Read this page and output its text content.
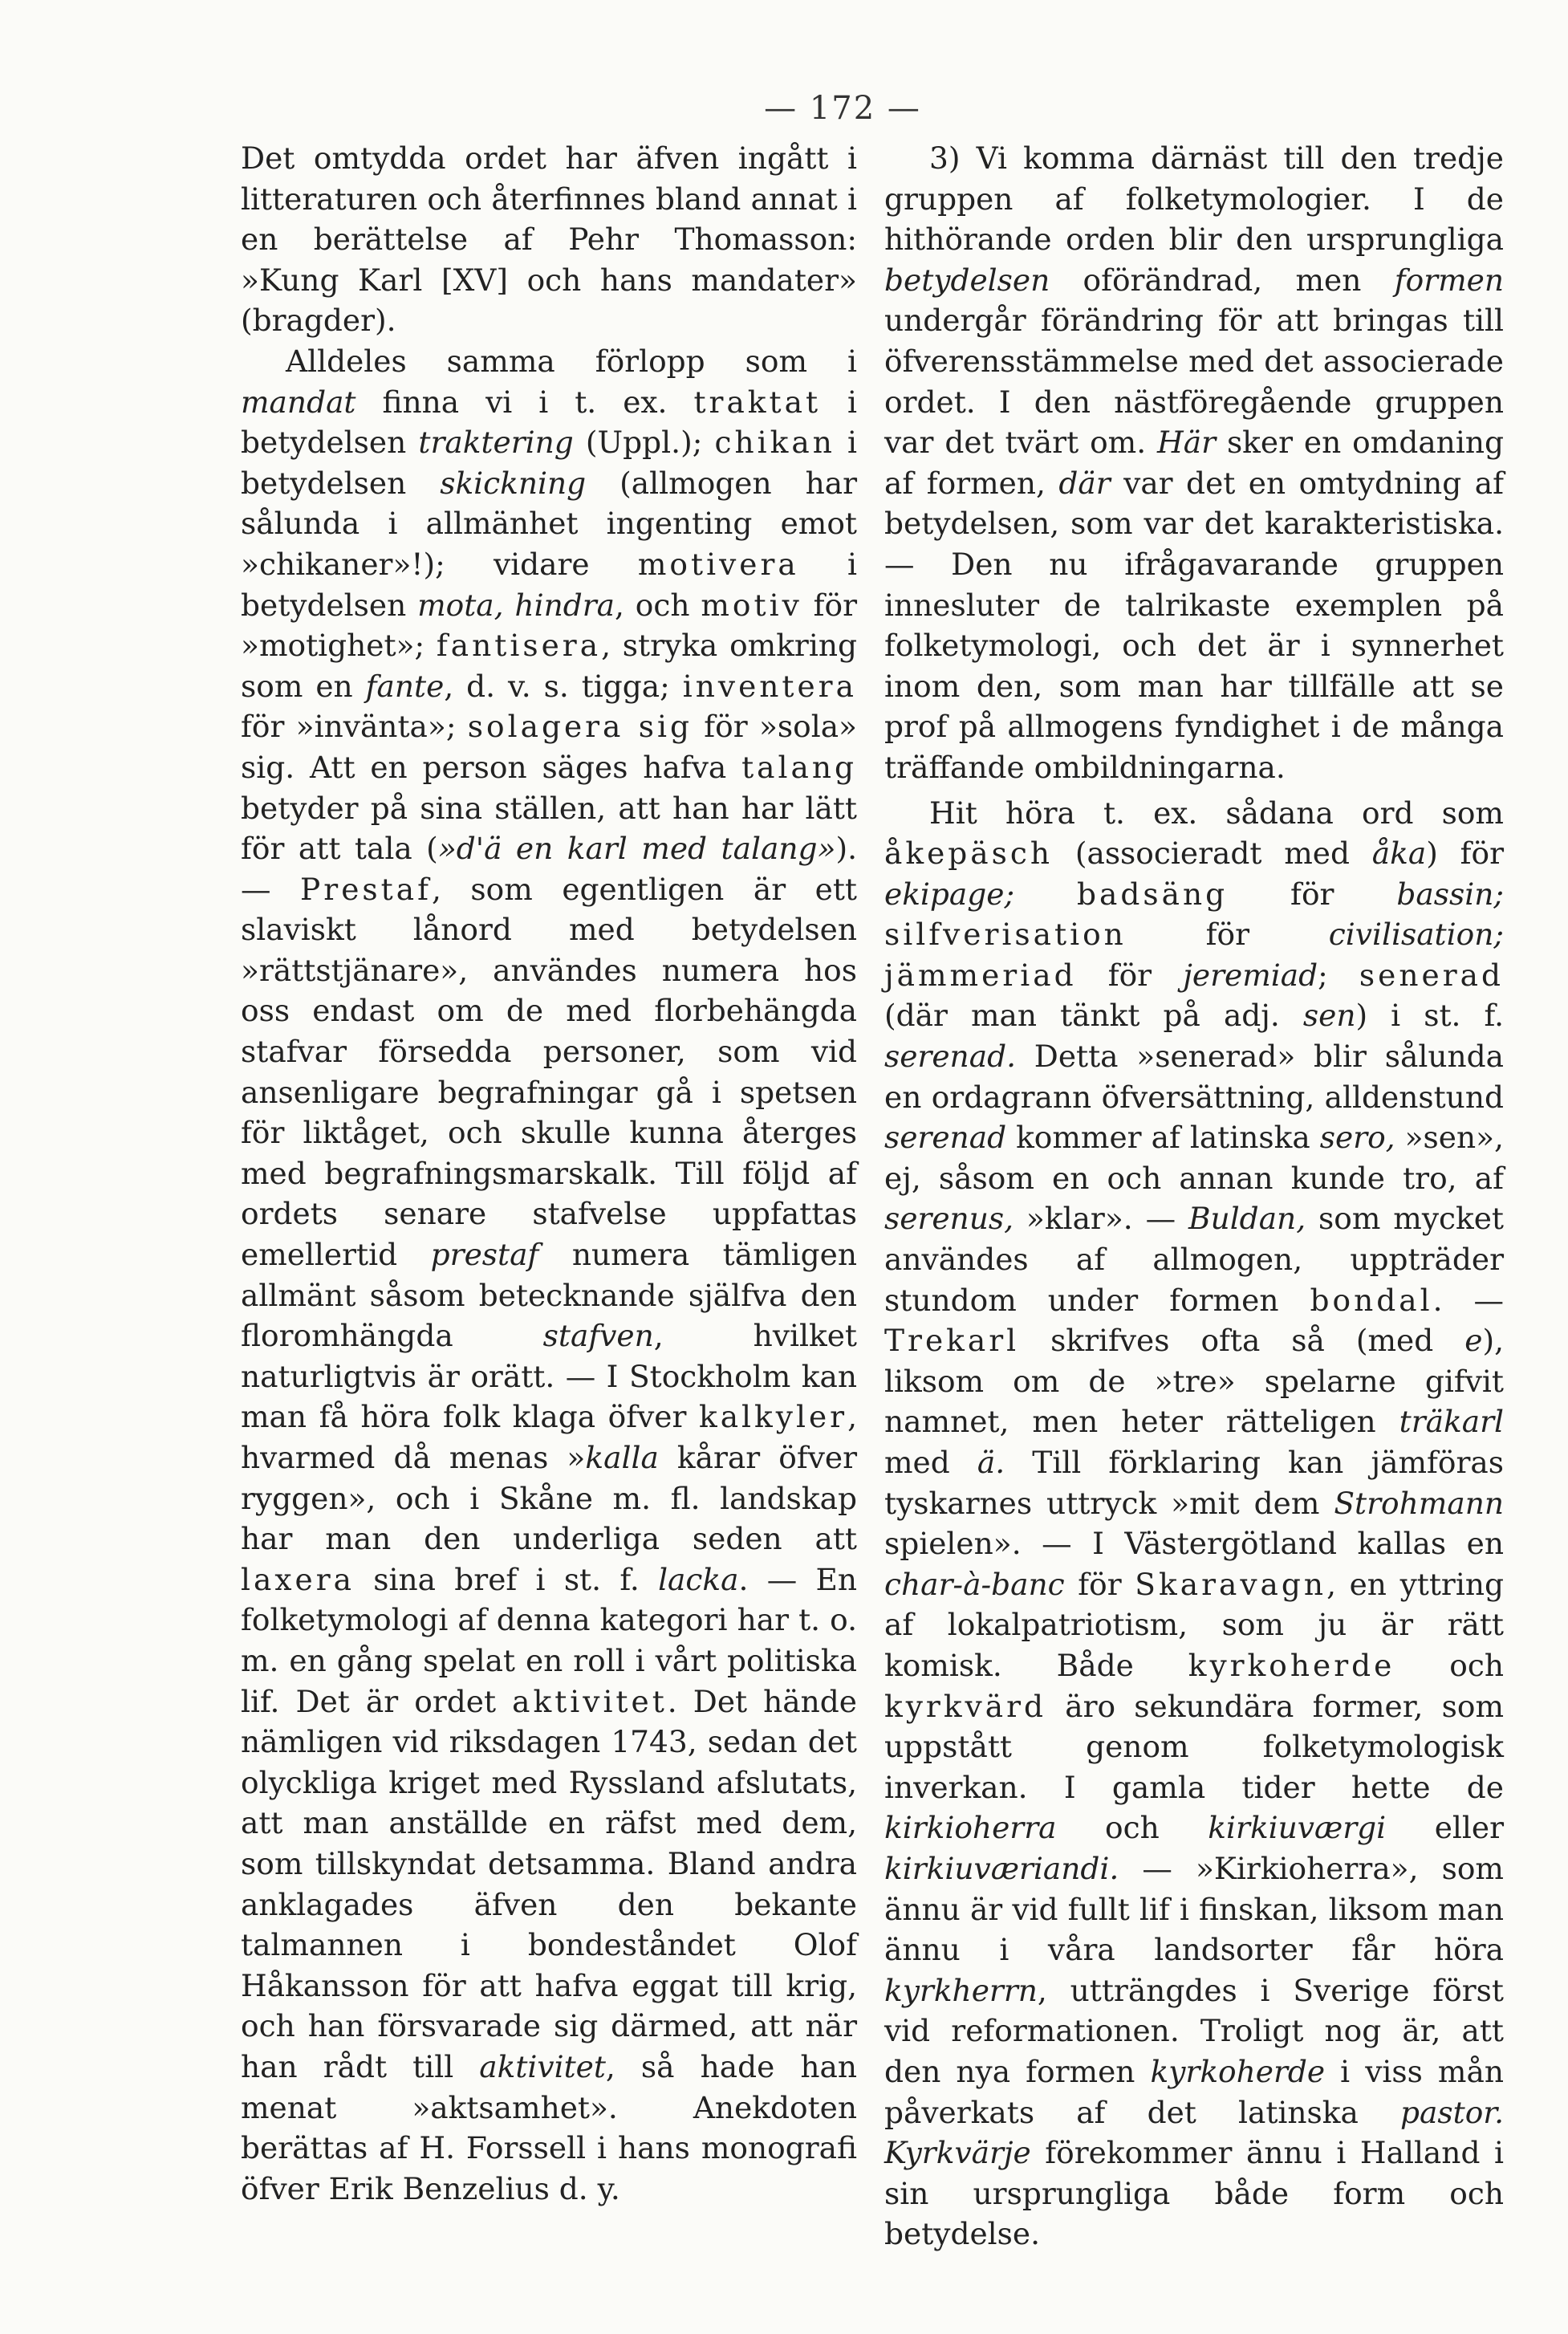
— 172 —

Det omtydda ordet har äfven ingått i litteraturen och återfinnes bland annat i en berättelse af Pehr Thomasson: »Kung Karl [XV] och hans mandater» (bragder).

Alldeles samma förlopp som i mandat finna vi i t. ex. traktat i betydelsen traktering (Uppl.); chikan i betydelsen skickning (allmogen har sålunda i allmänhet ingenting emot »chikaner»!); vidare motivera i betydelsen mota, hindra, och motiv för »motighet»; fantisera, stryka omkring som en fante, d. v. s. tigga; inventera för »invänta»; solagera sig för »sola» sig. Att en person säges hafva talang betyder på sina ställen, att han har lätt för att tala (»d'ä en karl med talang»). — Prestaf, som egentligen är ett slaviskt lånord med betydelsen »rättstjänare», användes numera hos oss endast om de med florbehängda stafvar försedda personer, som vid ansenligare begrafningar gå i spetsen för liktåget, och skulle kunna återges med begrafningsmarskalk. Till följd af ordets senare stafvelse uppfattas emellertid prestaf numera tämligen allmänt såsom betecknande själfva den floromhängda stafven, hvilket naturligtvis är orätt. — I Stockholm kan man få höra folk klaga öfver kalkyler, hvarmed då menas »kalla kårar öfver ryggen», och i Skåne m. fl. landskap har man den underliga seden att laxera sina bref i st. f. lacka. — En folketymologi af denna kategori har t. o. m. en gång spelat en roll i vårt politiska lif. Det är ordet aktivitet. Det hände nämligen vid riksdagen 1743, sedan det olyckliga kriget med Ryssland afslutats, att man anställde en räfst med dem, som tillskyndat detsamma. Bland andra anklagades äfven den bekante talmannen i bondeståndet Olof Håkansson för att hafva eggat till krig, och han försvarade sig därmed, att när han rådt till aktivitet, så hade han menat »aktsamhet». Anekdoten berättas af H. Forssell i hans monografi öfver Erik Benzelius d. y.

3) Vi komma därnäst till den tredje gruppen af folketymologier. I de hithörande orden blir den ursprungliga betydelsen oförändrad, men formen undergår förändring för att bringas till öfverensstämmelse med det associerade ordet. I den nästföregående gruppen var det tvärt om. Här sker en omdaning af formen, där var det en omtydning af betydelsen, som var det karakteristiska. — Den nu ifrågavarande gruppen innesluter de talrikaste exemplen på folketymologi, och det är i synnerhet inom den, som man har tillfälle att se prof på allmogens fyndighet i de många träffande ombildningarna.

Hit höra t. ex. sådana ord som åkepäsch (associeradt med åka) för ekipage; badsäng för bassin; silfverisation för civilisation; jämmeriad för jeremiad; senerad (där man tänkt på adj. sen) i st. f. serenad. Detta »senerad» blir sålunda en ordagrann öfversättning, alldenstund serenad kommer af latinska sero, »sen», ej, såsom en och annan kunde tro, af serenus, »klar». — Buldan, som mycket användes af allmogen, uppträder stundom under formen bondal. — Trekarl skrifves ofta så (med e), liksom om de »tre» spelarne gifvit namnet, men heter rätteligen träkarl med ä. Till förklaring kan jämföras tyskarnes uttryck »mit dem Strohmann spielen». — I Västergötland kallas en char-à-banc för Skaravagn, en yttring af lokalpatriotism, som ju är rätt komisk. Både kyrkoherde och kyrkvärd äro sekundära former, som uppstått genom folketymologisk inverkan. I gamla tider hette de kirkioherra och kirkiuværgi eller kirkiuværiandi. — »Kirkioherra», som ännu är vid fullt lif i finskan, liksom man ännu i våra landsorter får höra kyrkherrn, utträngdes i Sverige först vid reformationen. Troligt nog är, att den nya formen kyrkoherde i viss mån påverkats af det latinska pastor. Kyrkvärje förekommer ännu i Halland i sin ursprungliga både form och betydelse.
